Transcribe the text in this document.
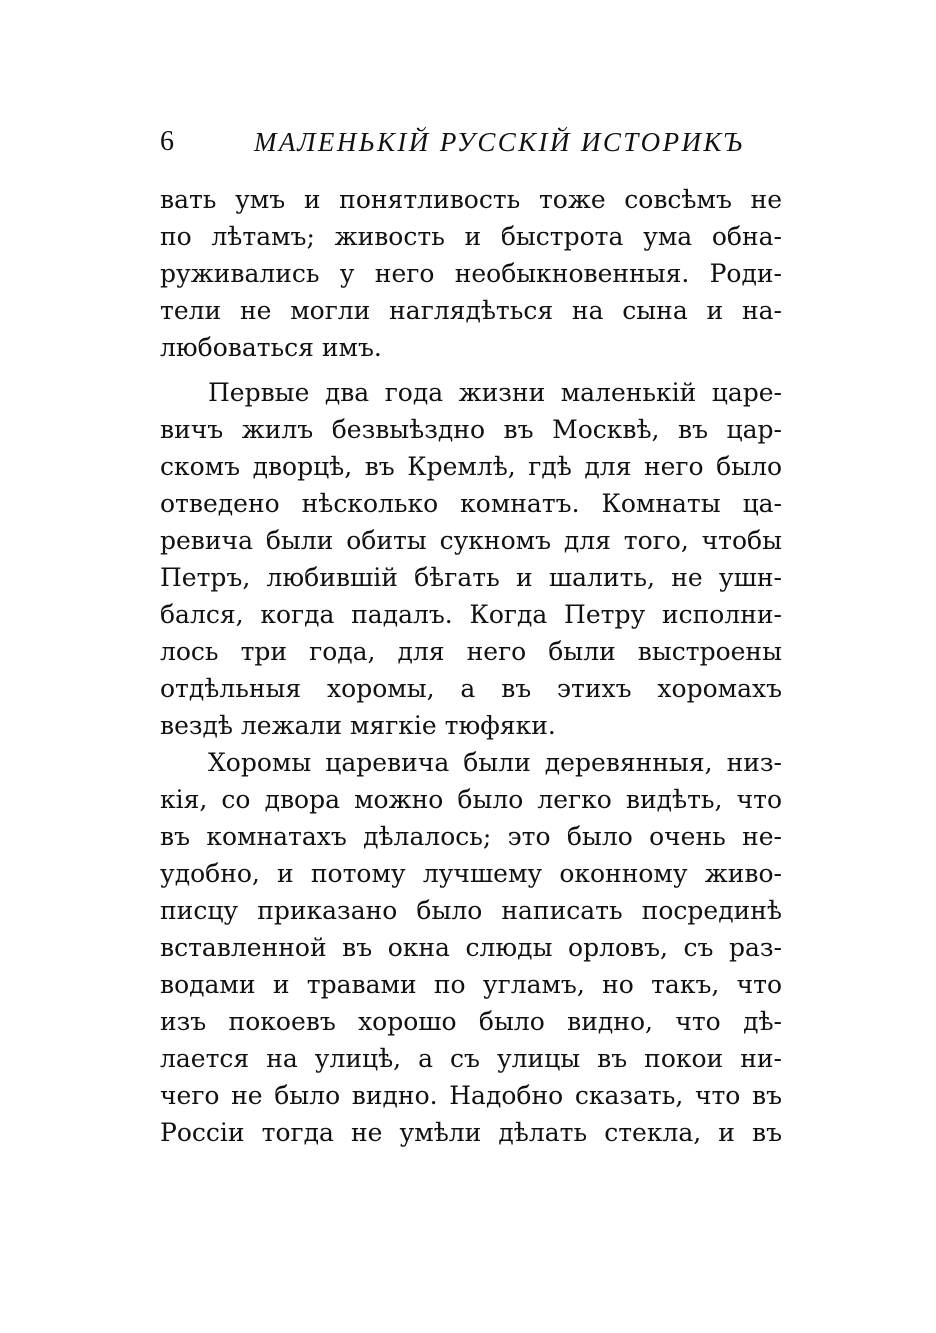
6	МАЛЕНЬКІЙ РУССКІЙ ИСТОРИКЪ
вать умъ и понятливость тоже совсѣмъ не
по лѣтамъ; живость и быстрота ума обна-
руживались у него необыкновенныя. Роди-
тели не могли наглядѣться на сына и на-
любоваться имъ.
Первые два года жизни маленькій царе-
вичъ жилъ безвыѣздно въ Москвѣ, въ цар-
скомъ дворцѣ, въ Кремлѣ, гдѣ для него было
отведено нѣсколько комнатъ. Комнаты ца-
ревича были обиты сукномъ для того, чтобы
Петръ, любившій бѣгать и шалить, не ушн-
бался, когда падалъ. Когда Петру исполни-
лось три года, для него были выстроены
отдѣльныя хоромы, а въ этихъ хоромахъ
вездѣ лежали мягкіе тюфяки.
Хоромы царевича были деревянныя, низ-
кія, со двора можно было легко видѣть, что
въ комнатахъ дѣлалось; это было очень не-
удобно, и потому лучшему оконному живо-
писцу приказано было написать посрединѣ
вставленной въ окна слюды орловъ, съ раз-
водами и травами по угламъ, но такъ, что
изъ покоевъ хорошо было видно, что дѣ-
лается на улицѣ, а съ улицы въ покои ни-
чего не было видно. Надобно сказать, что въ
Россіи тогда не умѣли дѣлать стекла, и въ
